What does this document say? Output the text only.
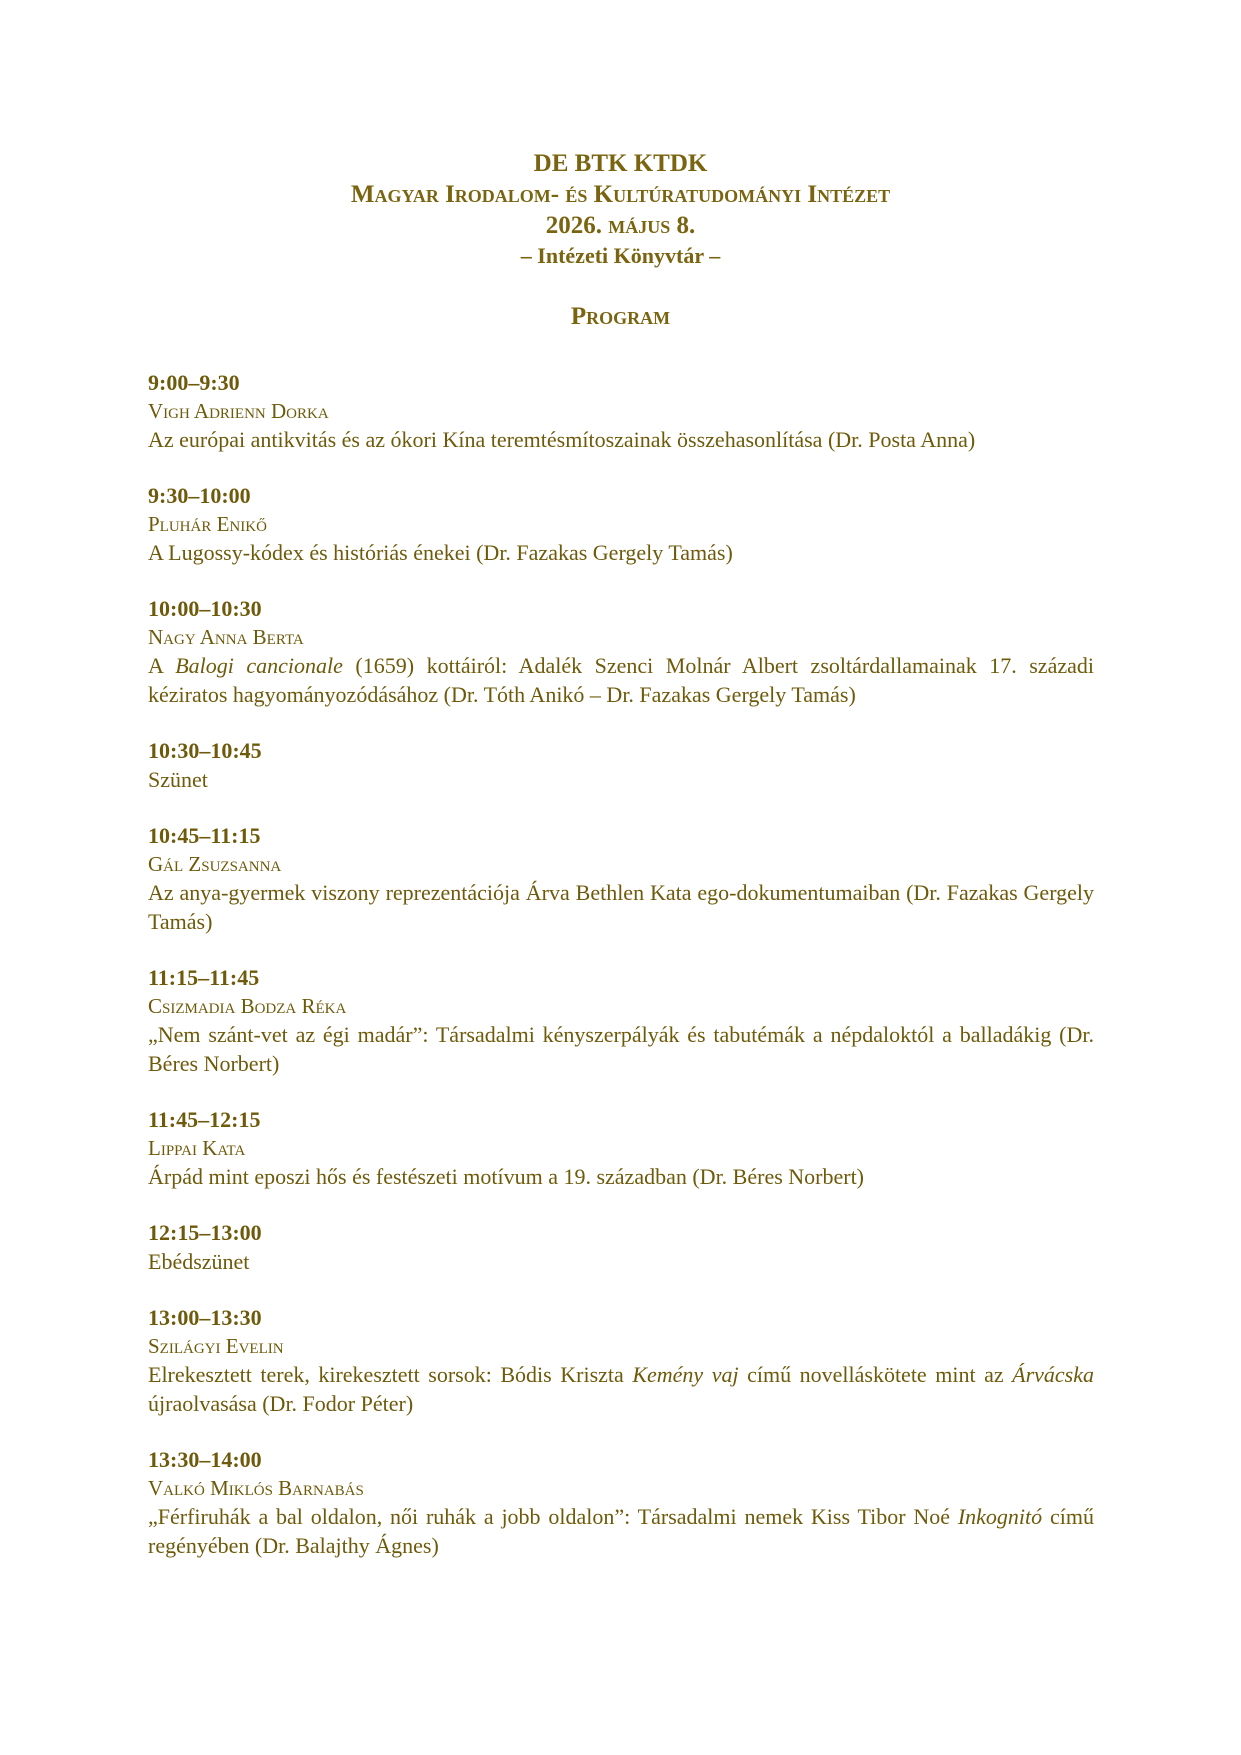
DE BTK KTDK
Magyar Irodalom- és Kultúratudományi Intézet
2026. május 8.
– Intézeti Könyvtár –
Program
9:00–9:30
Vigh Adrienn Dorka
Az európai antikvitás és az ókori Kína teremtésmítoszainak összehasonlítása (Dr. Posta Anna)
9:30–10:00
Pluhár Enikő
A Lugossy-kódex és históriás énekei (Dr. Fazakas Gergely Tamás)
10:00–10:30
Nagy Anna Berta
A Balogi cancionale (1659) kottáiról: Adalék Szenci Molnár Albert zsoltárdallamainak 17. századi kéziratos hagyományozódásához (Dr. Tóth Anikó – Dr. Fazakas Gergely Tamás)
10:30–10:45
Szünet
10:45–11:15
Gál Zsuzsanna
Az anya-gyermek viszony reprezentációja Árva Bethlen Kata ego-dokumentumaiban (Dr. Fazakas Gergely Tamás)
11:15–11:45
Csizmadia Bodza Réka
„Nem szánt-vet az égi madár”: Társadalmi kényszerpályák és tabutémák a népdaloktól a balladákig (Dr. Béres Norbert)
11:45–12:15
Lippai Kata
Árpád mint eposzi hős és festészeti motívum a 19. században (Dr. Béres Norbert)
12:15–13:00
Ebédszünet
13:00–13:30
Szilágyi Evelin
Elrekesztett terek, kirekesztett sorsok: Bódis Kriszta Kemény vaj című novelláskötete mint az Árvácska újraolvasása (Dr. Fodor Péter)
13:30–14:00
Valkó Miklós Barnabás
„Férfiruhák a bal oldalon, női ruhák a jobb oldalon”: Társadalmi nemek Kiss Tibor Noé Inkognitó című regényében (Dr. Balajthy Ágnes)
